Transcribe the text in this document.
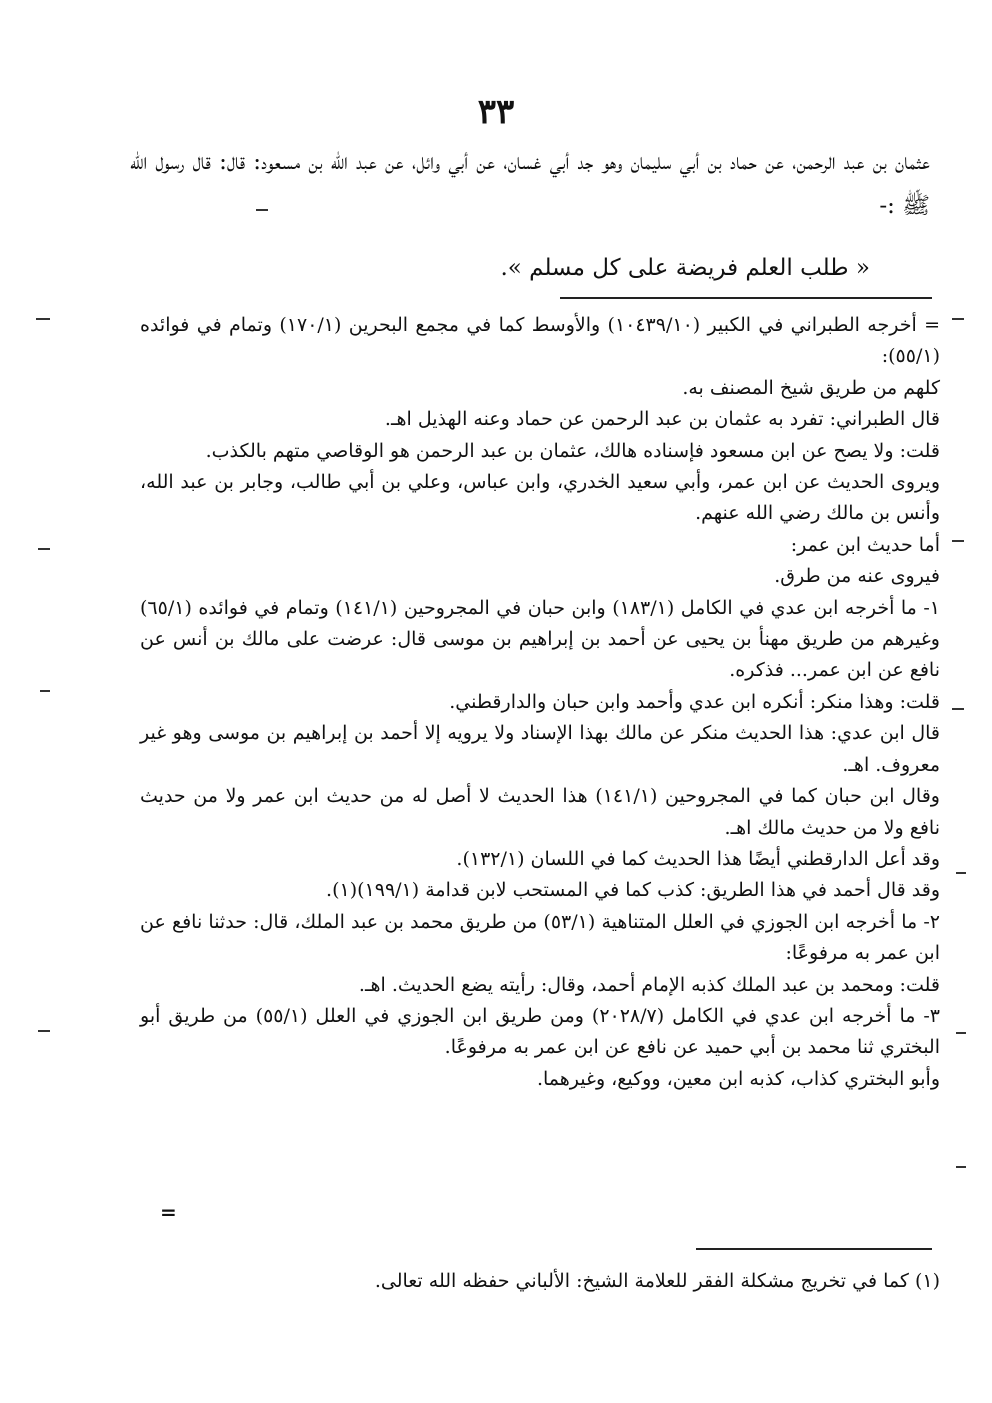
٣٣

عثمان بن عبد الرحمن، عن حماد بن أبي سليمان وهو جد أبي غسان، عن أبي وائل، عن عبد الله بن مسعود: قال: قال رسول الله ﷺ :-

« طلب العلم فريضة على كل مسلم ».

= أخرجه الطبراني في الكبير (١٠٤٣٩/١٠) والأوسط كما في مجمع البحرين (١٧٠/١) وتمام في فوائده (٥٥/١):

كلهم من طريق شيخ المصنف به.

قال الطبراني: تفرد به عثمان بن عبد الرحمن عن حماد وعنه الهذيل اهـ.

قلت: ولا يصح عن ابن مسعود فإسناده هالك، عثمان بن عبد الرحمن هو الوقاصي متهم بالكذب.

ويروى الحديث عن ابن عمر، وأبي سعيد الخدري، وابن عباس، وعلي بن أبي طالب، وجابر بن عبد الله، وأنس بن مالك رضي الله عنهم.

أما حديث ابن عمر:

فيروى عنه من طرق.

١- ما أخرجه ابن عدي في الكامل (١٨٣/١) وابن حبان في المجروحين (١٤١/١) وتمام في فوائده (٦٥/١) وغيرهم من طريق مهنأ بن يحيى عن أحمد بن إبراهيم بن موسى قال: عرضت على مالك بن أنس عن نافع عن ابن عمر... فذكره.

قلت: وهذا منكر: أنكره ابن عدي وأحمد وابن حبان والدارقطني.

قال ابن عدي: هذا الحديث منكر عن مالك بهذا الإسناد ولا يرويه إلا أحمد بن إبراهيم بن موسى وهو غير معروف. اهـ.

وقال ابن حبان كما في المجروحين (١٤١/١) هذا الحديث لا أصل له من حديث ابن عمر ولا من حديث نافع ولا من حديث مالك اهـ.

وقد أعل الدارقطني أيضًا هذا الحديث كما في اللسان (١٣٢/١).

وقد قال أحمد في هذا الطريق: كذب كما في المستحب لابن قدامة (١٩٩/١)(١).

٢- ما أخرجه ابن الجوزي في العلل المتناهية (٥٣/١) من طريق محمد بن عبد الملك، قال: حدثنا نافع عن ابن عمر به مرفوعًا:

قلت: ومحمد بن عبد الملك كذبه الإمام أحمد، وقال: رأيته يضع الحديث. اهـ.

٣- ما أخرجه ابن عدي في الكامل (٢٠٢٨/٧) ومن طريق ابن الجوزي في العلل (٥٥/١) من طريق أبو البختري ثنا محمد بن أبي حميد عن نافع عن ابن عمر به مرفوعًا.

وأبو البختري كذاب، كذبه ابن معين، ووكيع، وغيرهما.

=

(١) كما في تخريج مشكلة الفقر للعلامة الشيخ: الألباني حفظه الله تعالى.
